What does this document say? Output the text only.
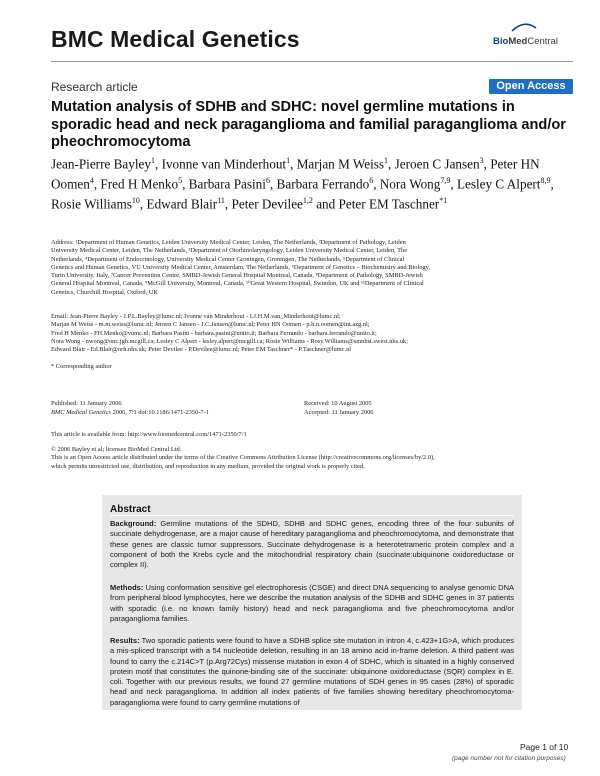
BMC Medical Genetics	BioMedCentral
Research article	Open Access
Mutation analysis of SDHB and SDHC: novel germline mutations in sporadic head and neck paraganglioma and familial paraganglioma and/or pheochromocytoma
Jean-Pierre Bayley$^1$, Ivonne van Minderhout$^1$, Marjan M Weiss$^1$, Jeroen C Jansen$^3$, Peter HN Oomen$^4$, Fred H Menko$^5$, Barbara Pasini$^6$, Barbara Ferrando$^6$, Nora Wong$^{7,9}$, Lesley C Alpert$^{8,9}$, Rosie Williams$^{10}$, Edward Blair$^{11}$, Peter Devilee$^{1,2}$ and Peter EM Taschner$^{*1}$
Address: ¹Department of Human Genetics, Leiden University Medical Center, Leiden, The Netherlands, ²Department of Pathology, Leiden
University Medical Center, Leiden, The Netherlands, ³Department of Otorhinolaryngology, Leiden University Medical Center, Leiden, The
Netherlands, ⁴Department of Endocrinology, University Medical Center Groningen, Groningen, The Netherlands, ⁵Department of Clinical
Genetics and Human Genetics, VU University Medical Center, Amsterdam, The Netherlands, ⁶Department of Genetics – Biochemistry and Biology,
Turin University, Italy, ⁷Cancer Prevention Centre, SMBD-Jewish General Hospital Montreal, Canada, ⁸Department of Pathology, SMBD-Jewish
General Hospital Montreal, Canada, ⁹McGill University, Montreal, Canada, ¹⁰Great Western Hospital, Swindon, UK and ¹¹Department of Clinical
Genetics, Churchill Hospital, Oxford, UK
Email: Jean-Pierre Bayley - J.P.L.Bayley@lumc.nl; Ivonne van Minderhout - I.J.H.M.van_Minderhout@lumc.nl;
Marjan M Weiss - m.m.weiss@lumc.nl; Jeroen C Jansen - J.C.Jansen@lumc.nl; Peter HN Oomen - p.h.n.oomen@int.azg.nl;
Fred H Menko - FH.Menko@vumc.nl; Barbara Pasini - barbara.pasini@unito.it; Barbara Ferrando - barbara.ferrando@unito.it;
Nora Wong - nwong@onc.jgh.mcgill.ca; Lesley C Alpert - lesley.alpert@mcgill.ca; Rosie Williams - Rosy.Williams@smnhst.swest.nhs.uk;
Edward Blair - Ed.Blair@orh.nhs.uk; Peter Devilee - P.Devilee@lumc.nl; Peter EM Taschner* - P.Taschner@lumc.nl
* Corresponding author
Published: 11 January 2006
BMC Medical Genetics 2006, 7:1 doi:10.1186/1471-2350-7-1
Received: 10 August 2005
Accepted: 11 January 2006
This article is available from: http://www.biomedcentral.com/1471-2350/7/1
© 2006 Bayley et al; licensee BioMed Central Ltd.
This is an Open Access article distributed under the terms of the Creative Commons Attribution License (http://creativecommons.org/licenses/by/2.0),
which permits unrestricted use, distribution, and reproduction in any medium, provided the original work is properly cited.
Abstract
Background: Germline mutations of the SDHD, SDHB and SDHC genes, encoding three of the four subunits of succinate dehydrogenase, are a major cause of hereditary paraganglioma and pheochromocytoma, and demonstrate that these genes are classic tumor suppressors. Succinate dehydrogenase is a heterotetrameric protein complex and a component of both the Krebs cycle and the mitochondrial respiratory chain (succinate:ubiquinone oxidoreductase or complex II).
Methods: Using conformation sensitive gel electrophoresis (CSGE) and direct DNA sequencing to analyse genomic DNA from peripheral blood lymphocytes, here we describe the mutation analysis of the SDHB and SDHC genes in 37 patients with sporadic (i.e. no known family history) head and neck paraganglioma and five pheochromocytoma and/or paraganglioma families.
Results: Two sporadic patients were found to have a SDHB splice site mutation in intron 4, c.423+1G>A, which produces a mis-spliced transcript with a 54 nucleotide deletion, resulting in an 18 amino acid in-frame deletion. A third patient was found to carry the c.214C>T (p.Arg72Cys) missense mutation in exon 4 of SDHC, which is situated in a highly conserved protein motif that constitutes the quinone-binding site of the succinate: ubiquinone oxidoreductase (SQR) complex in E. coli. Together with our previous results, we found 27 germline mutations of SDH genes in 95 cases (28%) of sporadic head and neck paraganglioma. In addition all index patients of five families showing hereditary pheochromocytoma-paraganglioma were found to carry germline mutations of
Page 1 of 10
(page number not for citation purposes)
